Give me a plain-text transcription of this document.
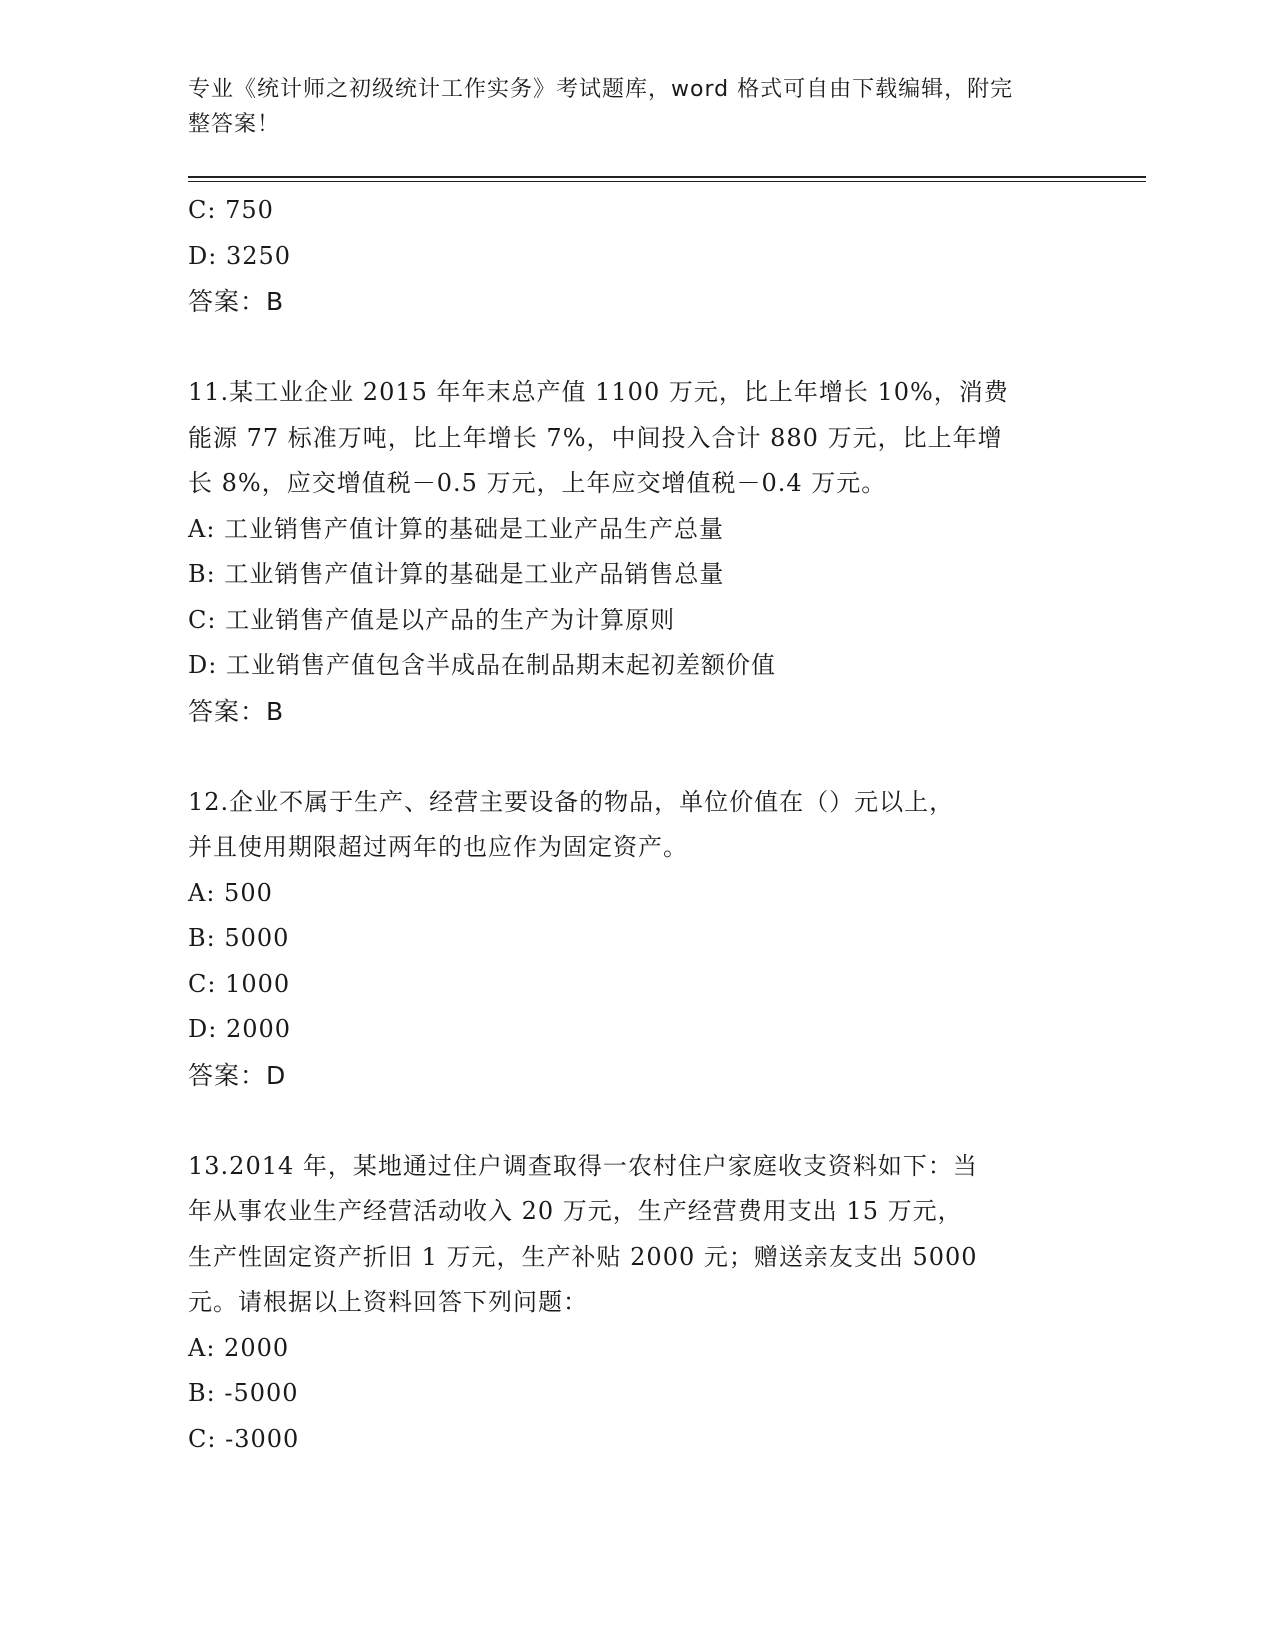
专业《统计师之初级统计工作实务》考试题库，word 格式可自由下载编辑，附完
整答案！
C: 750
D: 3250
答案：B
11.某工业企业 2015 年年末总产值 1100 万元，比上年增长 10%，消费
能源 77 标准万吨，比上年增长 7%，中间投入合计 880 万元，比上年增
长 8%，应交增值税－0.5 万元，上年应交增值税－0.4 万元。
A: 工业销售产值计算的基础是工业产品生产总量
B: 工业销售产值计算的基础是工业产品销售总量
C: 工业销售产值是以产品的生产为计算原则
D: 工业销售产值包含半成品在制品期末起初差额价值
答案：B
12.企业不属于生产、经营主要设备的物品，单位价值在（）元以上，
并且使用期限超过两年的也应作为固定资产。
A: 500
B: 5000
C: 1000
D: 2000
答案：D
13.2014 年，某地通过住户调查取得一农村住户家庭收支资料如下：当
年从事农业生产经营活动收入 20 万元，生产经营费用支出 15 万元，
生产性固定资产折旧 1 万元，生产补贴 2000 元；赠送亲友支出 5000
元。请根据以上资料回答下列问题：
A: 2000
B: -5000
C: -3000
